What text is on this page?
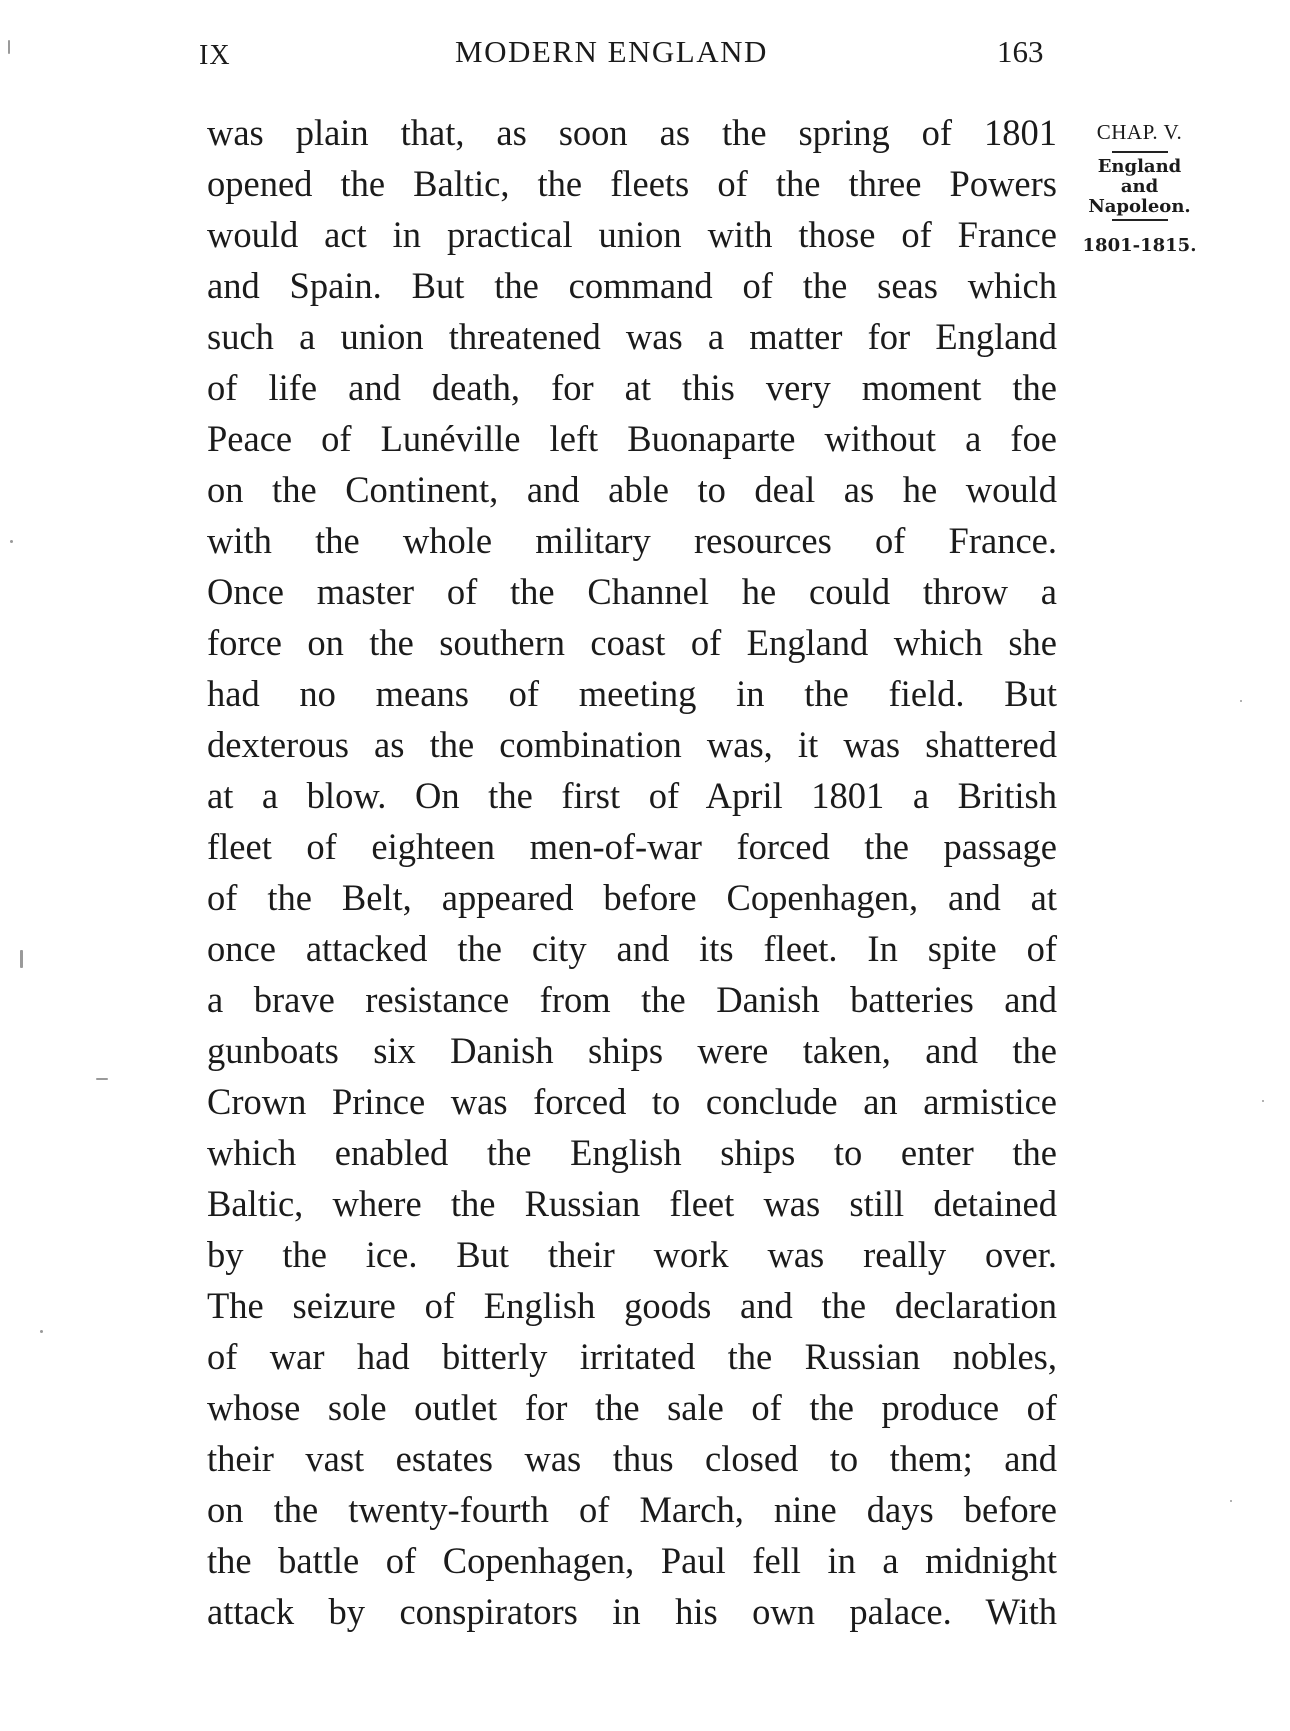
IX	MODERN ENGLAND	163
CHAP. V.
England
and
Napoleon.
1801-1815.
was plain that, as soon as the spring of 1801
opened the Baltic, the fleets of the three Powers
would act in practical union with those of France
and Spain. But the command of the seas which
such a union threatened was a matter for England
of life and death, for at this very moment the
Peace of Lunéville left Buonaparte without a foe
on the Continent, and able to deal as he would
with the whole military resources of France.
Once master of the Channel he could throw a
force on the southern coast of England which she
had no means of meeting in the field. But
dexterous as the combination was, it was shattered
at a blow. On the first of April 1801 a British
fleet of eighteen men-of-war forced the passage
of the Belt, appeared before Copenhagen, and at
once attacked the city and its fleet. In spite of
a brave resistance from the Danish batteries and
gunboats six Danish ships were taken, and the
Crown Prince was forced to conclude an armistice
which enabled the English ships to enter the
Baltic, where the Russian fleet was still detained
by the ice. But their work was really over.
The seizure of English goods and the declaration
of war had bitterly irritated the Russian nobles,
whose sole outlet for the sale of the produce of
their vast estates was thus closed to them; and
on the twenty-fourth of March, nine days before
the battle of Copenhagen, Paul fell in a midnight
attack by conspirators in his own palace. With
